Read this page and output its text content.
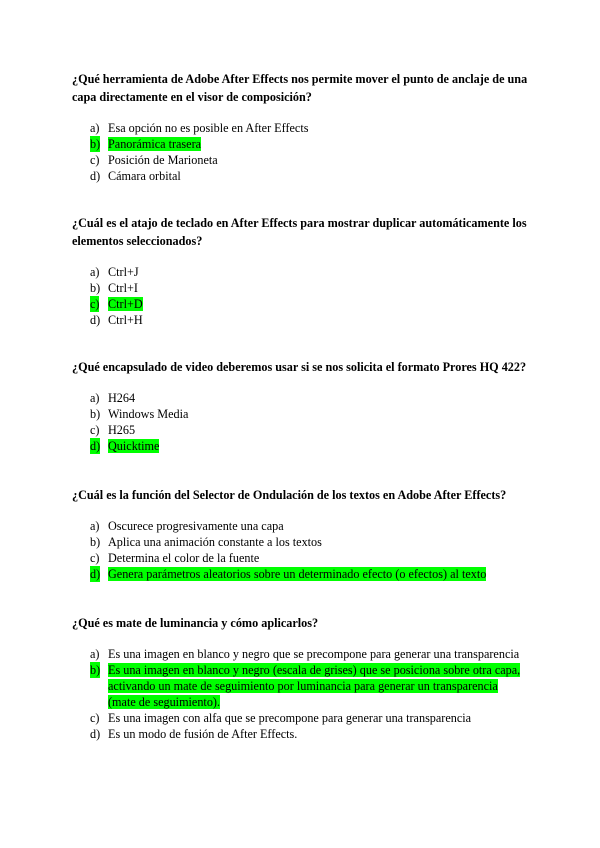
¿Qué herramienta de Adobe After Effects nos permite mover el punto de anclaje de una capa directamente en el visor de composición?
a) Esa opción no es posible en After Effects
b) Panorámica trasera
c) Posición de Marioneta
d) Cámara orbital
¿Cuál es el atajo de teclado en After Effects para mostrar duplicar automáticamente los elementos seleccionados?
a) Ctrl+J
b) Ctrl+I
c) Ctrl+D
d) Ctrl+H
¿Qué encapsulado de video deberemos usar si se nos solicita el formato Prores HQ 422?
a) H264
b) Windows Media
c) H265
d) Quicktime
¿Cuál es la función del Selector de Ondulación de los textos en Adobe After Effects?
a) Oscurece progresivamente una capa
b) Aplica una animación constante a los textos
c) Determina el color de la fuente
d) Genera parámetros aleatorios sobre un determinado efecto (o efectos) al texto
¿Qué es mate de luminancia y cómo aplicarlos?
a) Es una imagen en blanco y negro que se precompone para generar una transparencia
b) Es una imagen en blanco y negro (escala de grises) que se posiciona sobre otra capa, activando un mate de seguimiento por luminancia para generar un transparencia (mate de seguimiento).
c) Es una imagen con alfa que se precompone para generar una transparencia
d) Es un modo de fusión de After Effects.
